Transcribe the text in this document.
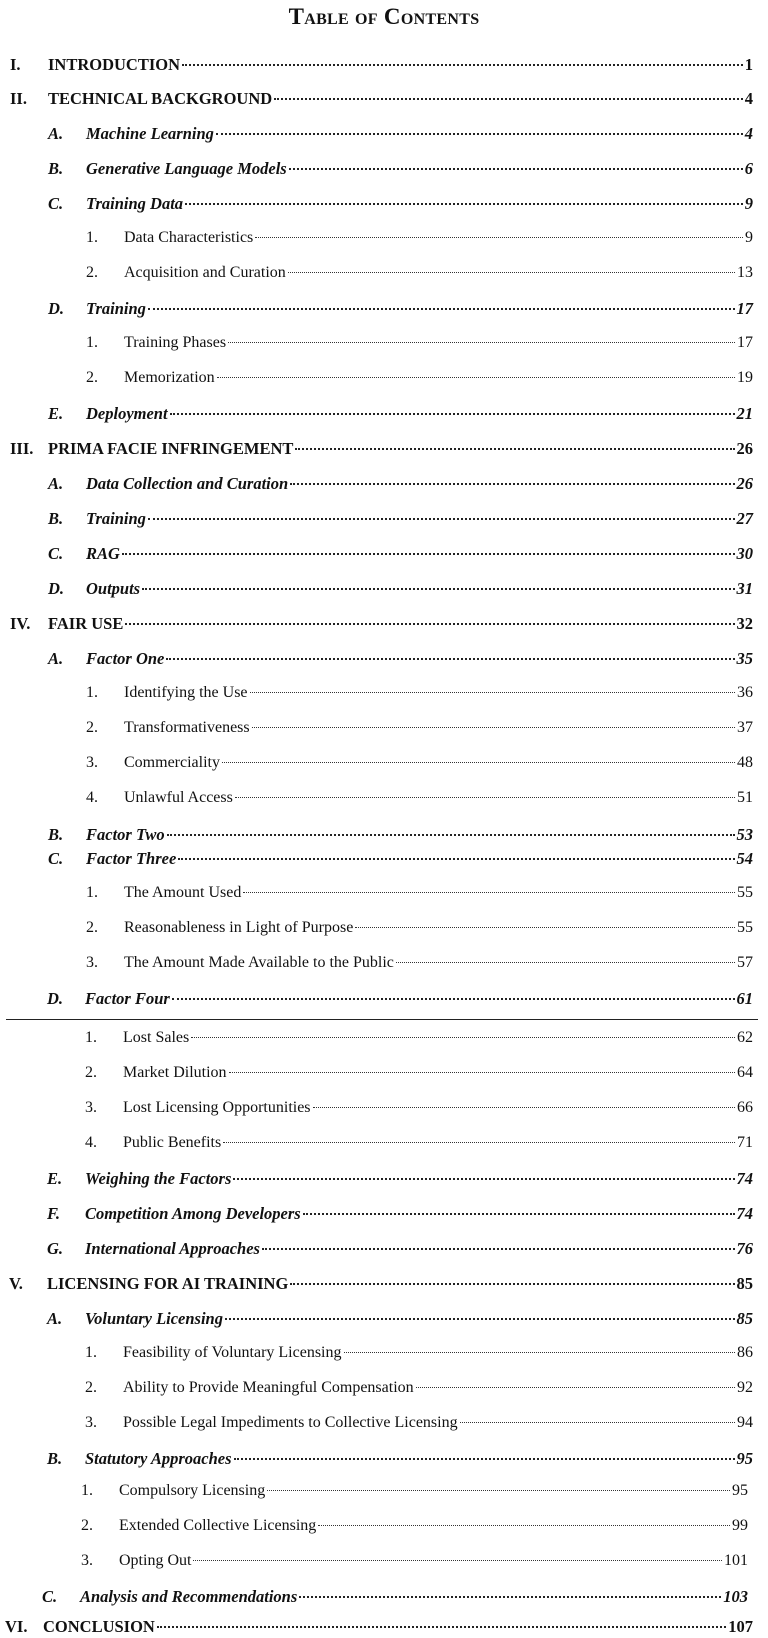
Table of Contents
I.	INTRODUCTION	1
II.	TECHNICAL BACKGROUND	4
A.	Machine Learning	4
B.	Generative Language Models	6
C.	Training Data	9
1.	Data Characteristics	9
2.	Acquisition and Curation	13
D.	Training	17
1.	Training Phases	17
2.	Memorization	19
E.	Deployment	21
III. PRIMA FACIE INFRINGEMENT	26
A.	Data Collection and Curation	26
B.	Training	27
C.	RAG	30
D.	Outputs	31
IV.	FAIR USE	32
A.	Factor One	35
1.	Identifying the Use	36
2.	Transformativeness	37
3.	Commerciality	48
4.	Unlawful Access	51
B.	Factor Two	53
C.	Factor Three	54
1.	The Amount Used	55
2.	Reasonableness in Light of Purpose	55
3.	The Amount Made Available to the Public	57
D.	Factor Four	61
1.	Lost Sales	62
2.	Market Dilution	64
3.	Lost Licensing Opportunities	66
4.	Public Benefits	71
E.	Weighing the Factors	74
F.	Competition Among Developers	74
G.	International Approaches	76
V.	LICENSING FOR AI TRAINING	85
A.	Voluntary Licensing	85
1.	Feasibility of Voluntary Licensing	86
2.	Ability to Provide Meaningful Compensation	92
3.	Possible Legal Impediments to Collective Licensing	94
B.	Statutory Approaches	95
1.	Compulsory Licensing	95
2.	Extended Collective Licensing	99
3.	Opting Out	101
C.	Analysis and Recommendations	103
VI. CONCLUSION	107
